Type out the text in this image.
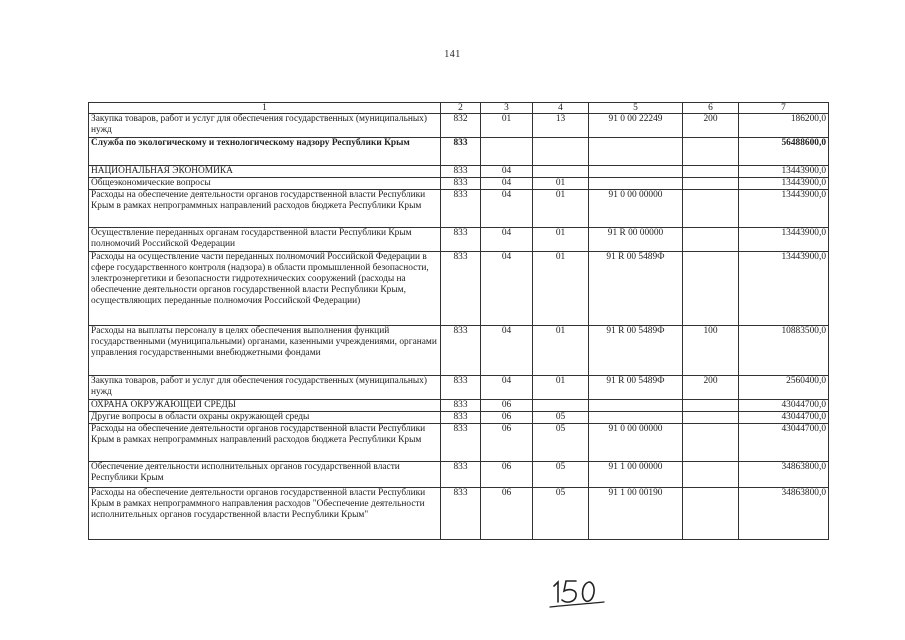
141
1	2	3	4	5	6	7
Закупка товаров, работ и услуг для обеспечения государственных (муниципальных) нужд	832	01	13	91 0 00 22249	200	186200,0
Служба по экологическому и технологическому надзору Республики Крым	833					56488600,0
НАЦИОНАЛЬНАЯ ЭКОНОМИКА	833	04				13443900,0
Общеэкономические вопросы	833	04	01			13443900,0
Расходы на обеспечение деятельности органов государственной власти Республики Крым в рамках непрограммных направлений расходов бюджета Республики Крым	833	04	01	91 0 00 00000		13443900,0
Осуществление переданных органам государственной власти Республики Крым полномочий Российской Федерации	833	04	01	91 R 00 00000		13443900,0
Расходы на осуществление части переданных полномочий Российской Федерации в сфере государственного контроля (надзора) в области промышленной безопасности, электроэнергетики и безопасности гидротехнических сооружений (расходы на обеспечение деятельности органов государственной власти Республики Крым, осуществляющих переданные полномочия Российской Федерации)	833	04	01	91 R 00 5489Ф		13443900,0
Расходы на выплаты персоналу в целях обеспечения выполнения функций государственными (муниципальными) органами, казенными учреждениями, органами управления государственными внебюджетными фондами	833	04	01	91 R 00 5489Ф	100	10883500,0
Закупка товаров, работ и услуг для обеспечения государственных (муниципальных) нужд	833	04	01	91 R 00 5489Ф	200	2560400,0
ОХРАНА ОКРУЖАЮЩЕЙ СРЕДЫ	833	06				43044700,0
Другие вопросы в области охраны окружающей среды	833	06	05			43044700,0
Расходы на обеспечение деятельности органов государственной власти Республики Крым в рамках непрограммных направлений расходов бюджета Республики Крым	833	06	05	91 0 00 00000		43044700,0
Обеспечение деятельности исполнительных органов государственной власти Республики Крым	833	06	05	91 1 00 00000		34863800,0
Расходы на обеспечение деятельности органов государственной власти Республики Крым в рамках непрограммного направления расходов "Обеспечение деятельности исполнительных органов государственной власти Республики Крым"	833	06	05	91 1 00 00190		34863800,0
